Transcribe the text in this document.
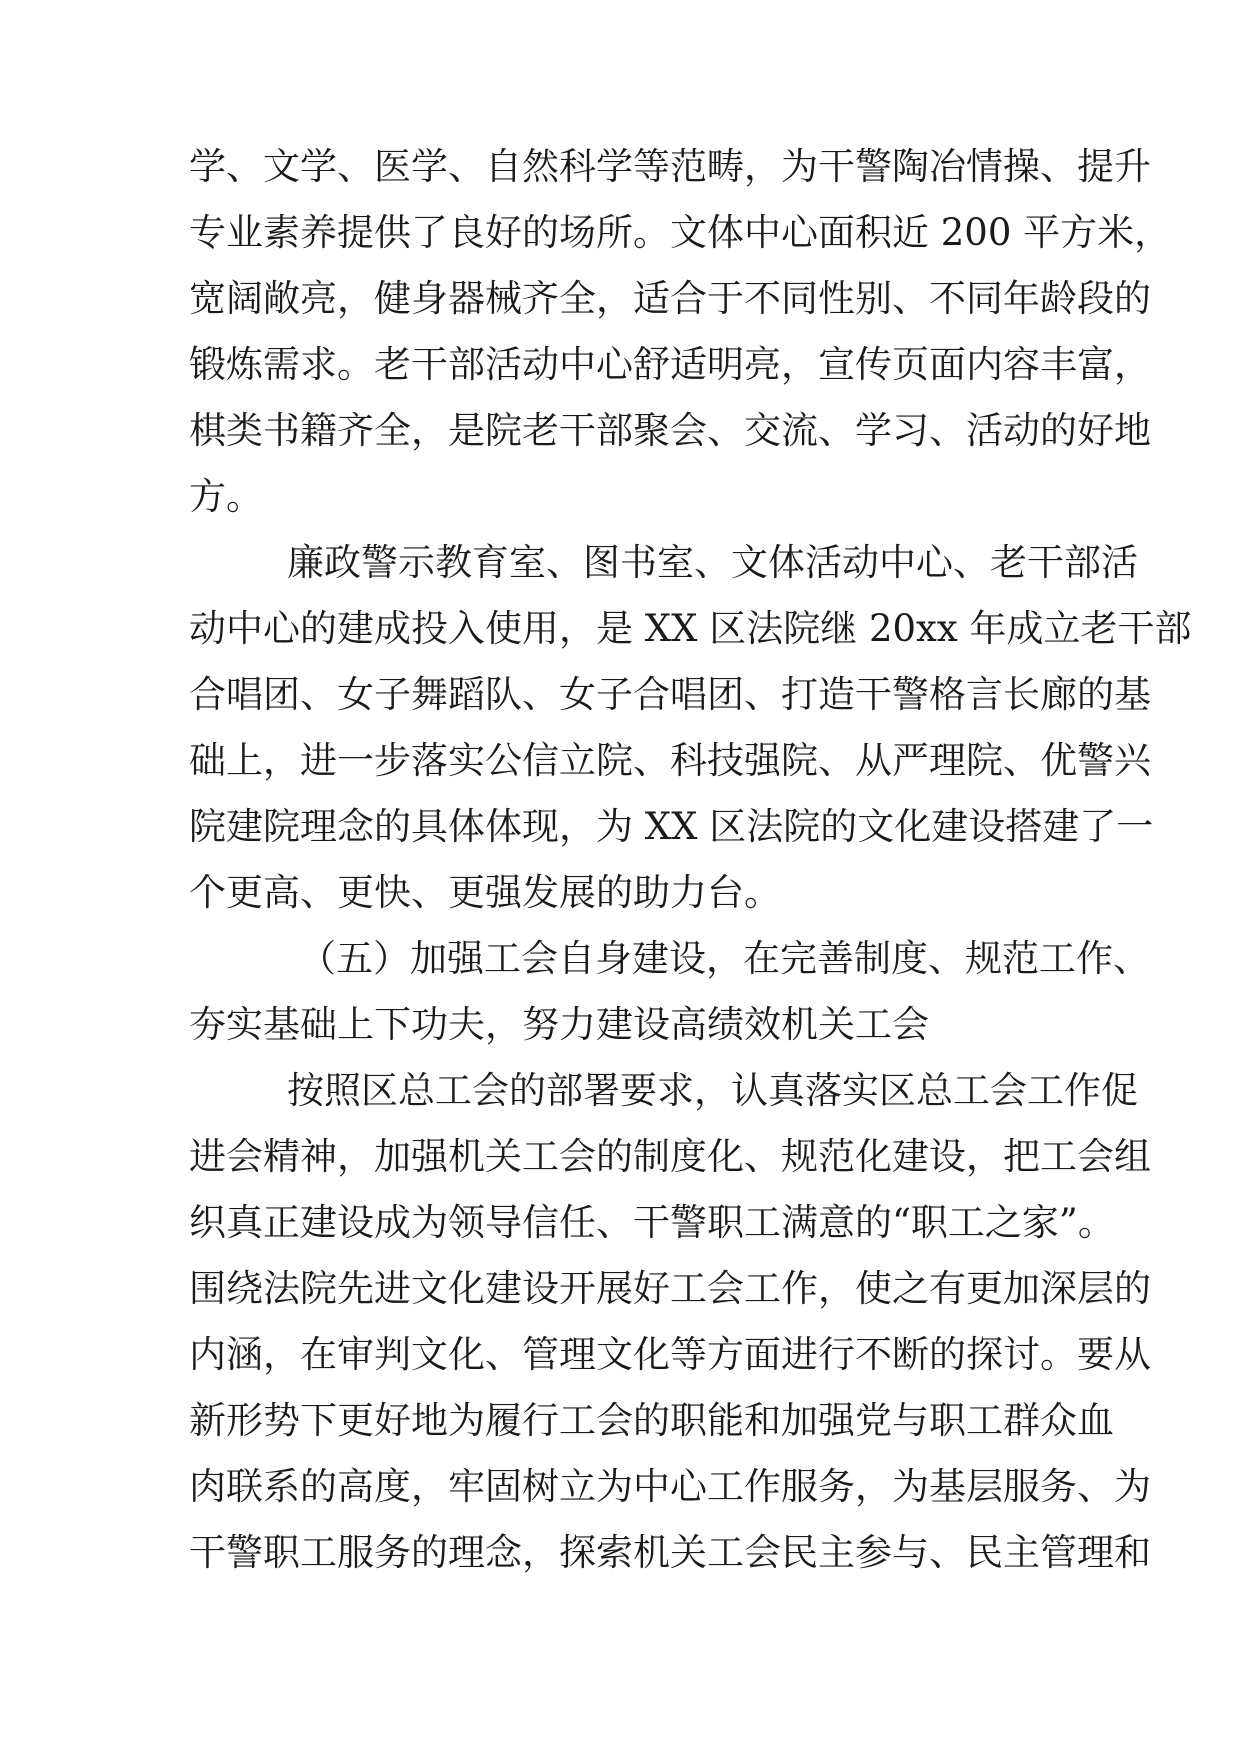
学、文学、医学、自然科学等范畴，为干警陶冶情操、提升
专业素养提供了良好的场所。文体中心面积近 200 平方米，
宽阔敞亮，健身器械齐全，适合于不同性别、不同年龄段的
锻炼需求。老干部活动中心舒适明亮，宣传页面内容丰富，
棋类书籍齐全，是院老干部聚会、交流、学习、活动的好地
方。
廉政警示教育室、图书室、文体活动中心、老干部活
动中心的建成投入使用，是 XX 区法院继 20xx 年成立老干部
合唱团、女子舞蹈队、女子合唱团、打造干警格言长廊的基
础上，进一步落实公信立院、科技强院、从严理院、优警兴
院建院理念的具体体现，为 XX 区法院的文化建设搭建了一
个更高、更快、更强发展的助力台。
（五）加强工会自身建设，在完善制度、规范工作、
夯实基础上下功夫，努力建设高绩效机关工会
按照区总工会的部署要求，认真落实区总工会工作促
进会精神，加强机关工会的制度化、规范化建设，把工会组
织真正建设成为领导信任、干警职工满意的“职工之家”。
围绕法院先进文化建设开展好工会工作，使之有更加深层的
内涵，在审判文化、管理文化等方面进行不断的探讨。要从
新形势下更好地为履行工会的职能和加强党与职工群众血
肉联系的高度，牢固树立为中心工作服务，为基层服务、为
干警职工服务的理念，探索机关工会民主参与、民主管理和
